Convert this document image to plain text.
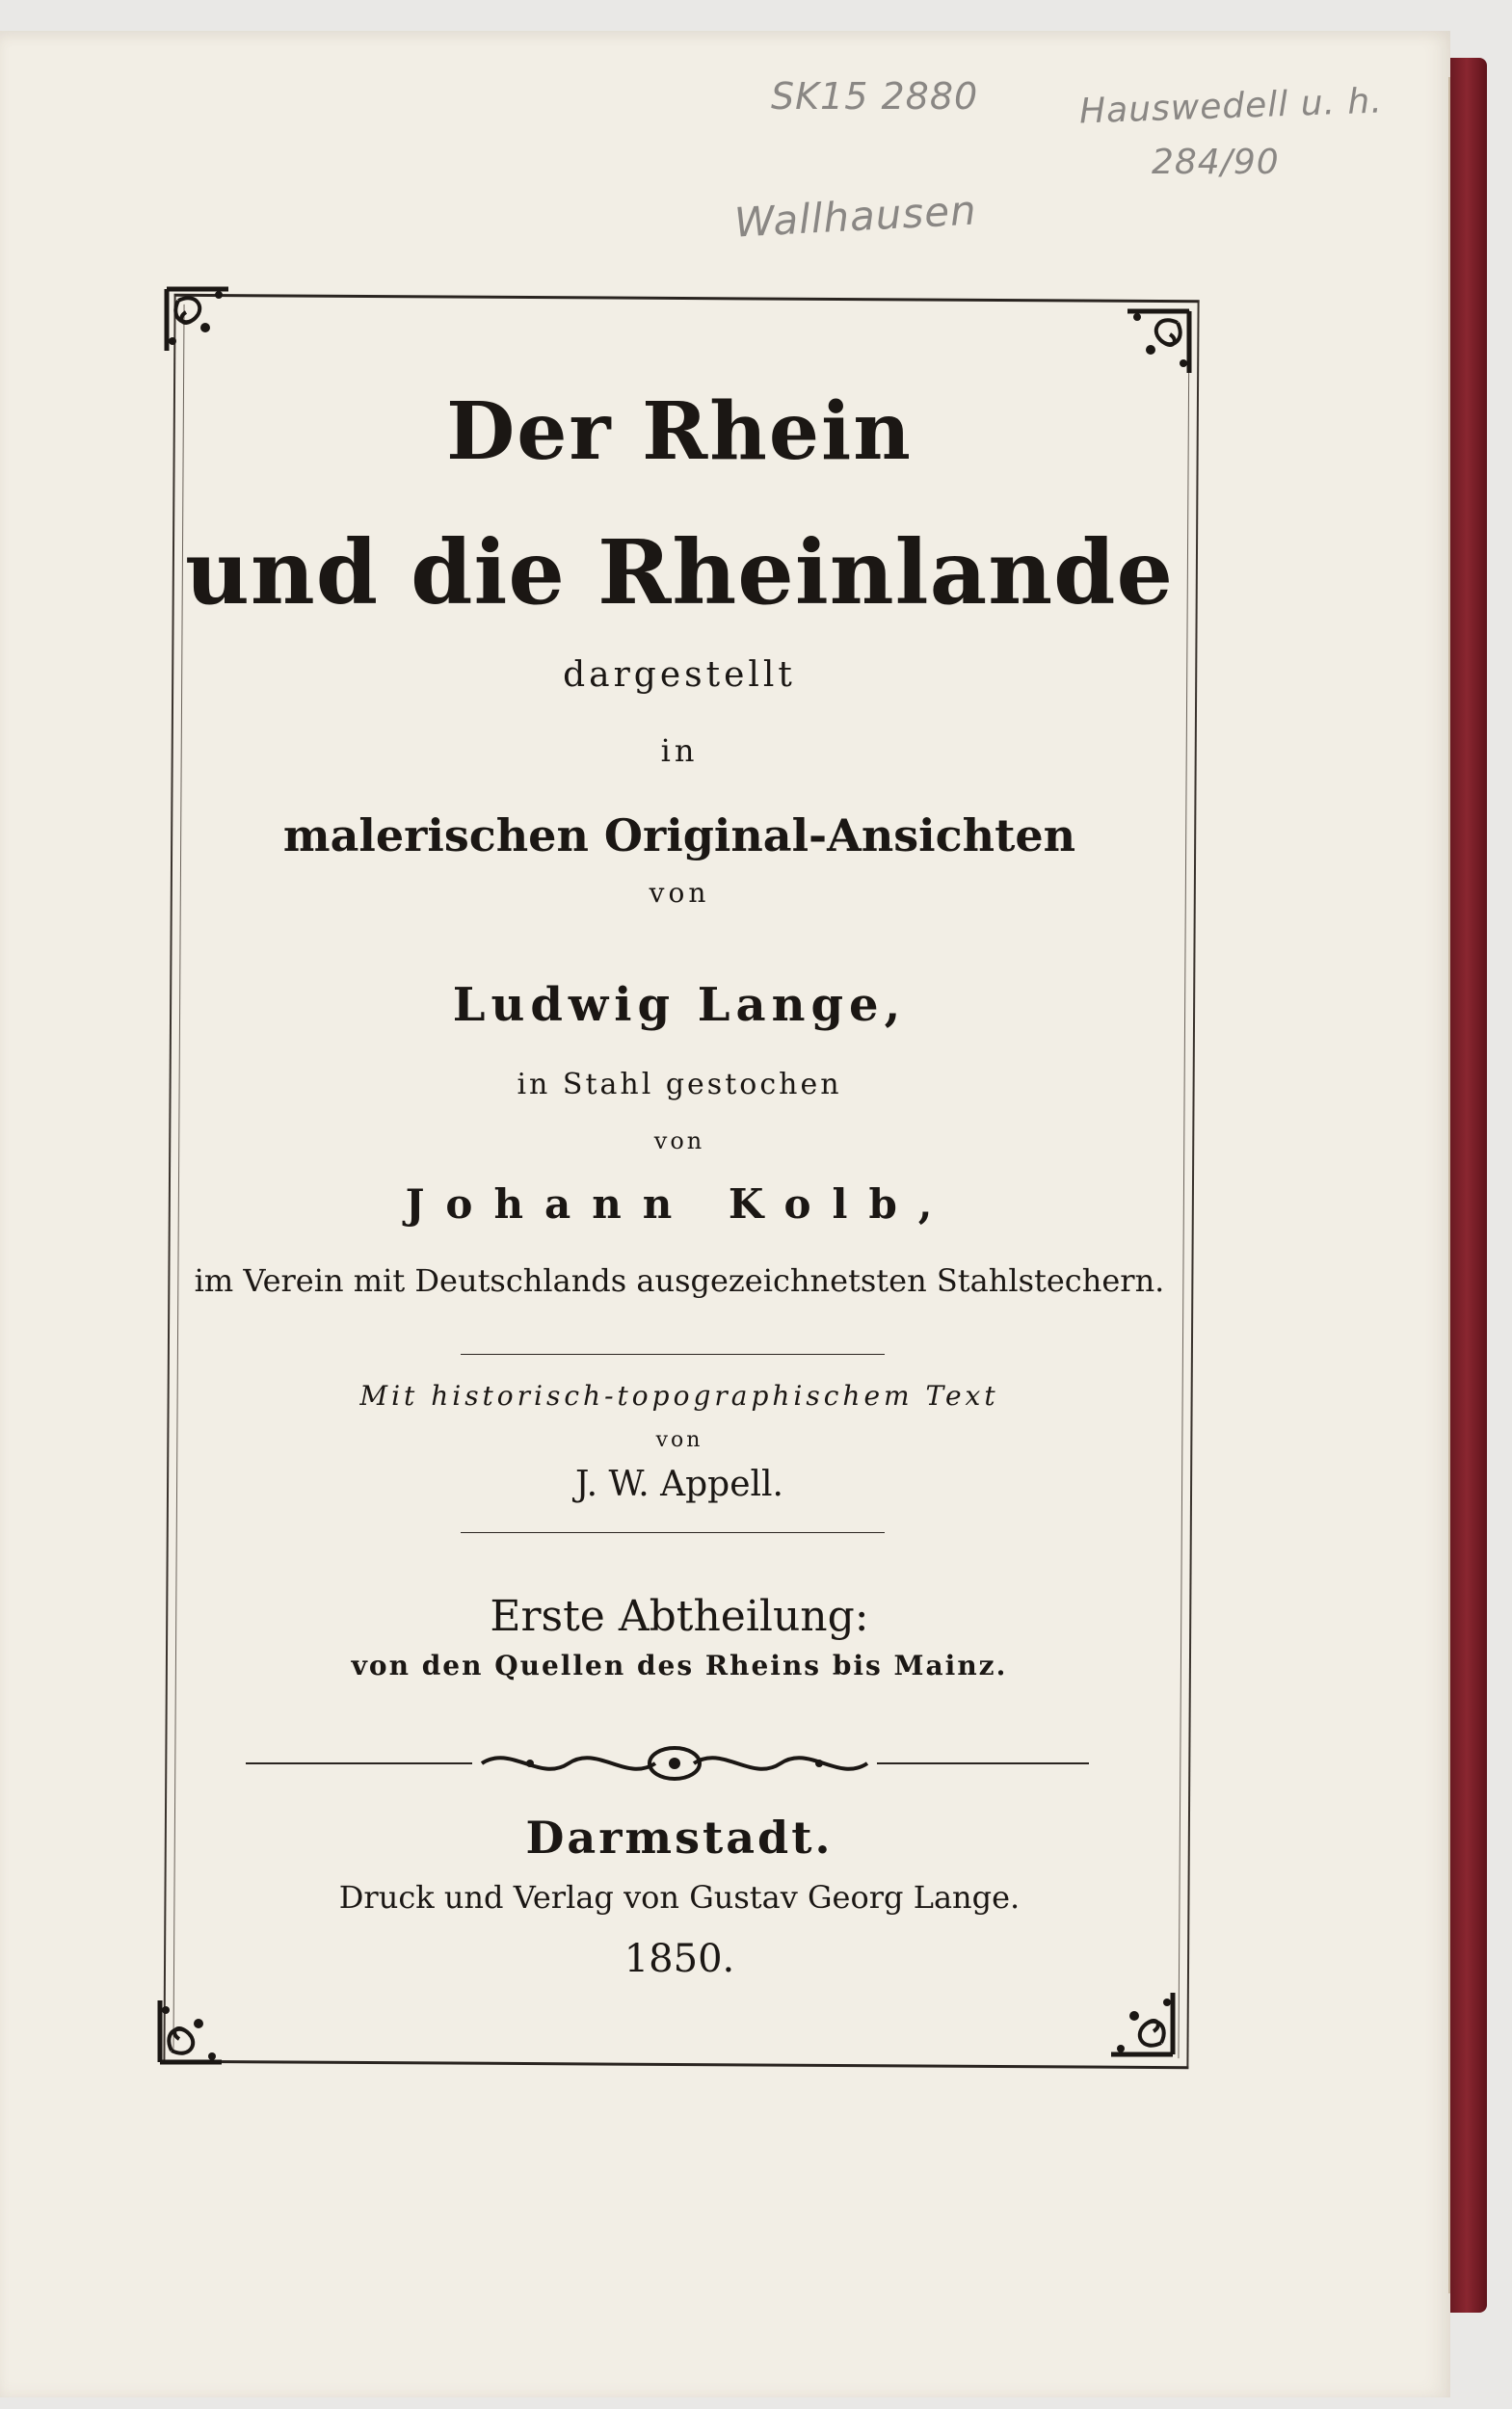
SK15 2880	Hauswedell u. h.
284/90
Wallhausen
Der Rhein
und die Rheinlande
dargestellt
in
malerischen Original-Ansichten
von
Ludwig Lange,
in Stahl gestochen
von
Johann Kolb,
im Verein mit Deutschlands ausgezeichnetsten Stahlstechern.
Mit historisch-topographischem Text
von
J. W. Appell.
Erste Abtheilung:
von den Quellen des Rheins bis Mainz.
Darmstadt.
Druck und Verlag von Gustav Georg Lange.
1850.
